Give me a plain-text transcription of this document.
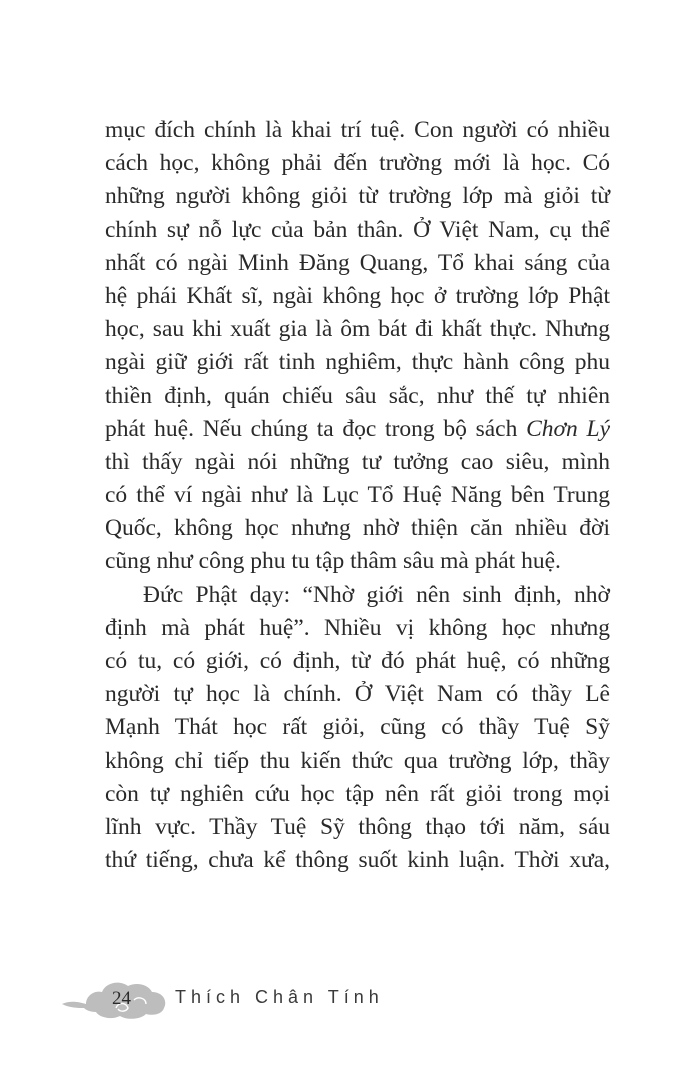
mục đích chính là khai trí tuệ. Con người có nhiều
cách học, không phải đến trường mới là học. Có
những người không giỏi từ trường lớp mà giỏi từ
chính sự nỗ lực của bản thân. Ở Việt Nam, cụ thể
nhất có ngài Minh Đăng Quang, Tổ khai sáng của
hệ phái Khất sĩ, ngài không học ở trường lớp Phật
học, sau khi xuất gia là ôm bát đi khất thực. Nhưng
ngài giữ giới rất tinh nghiêm, thực hành công phu
thiền định, quán chiếu sâu sắc, như thế tự nhiên
phát huệ. Nếu chúng ta đọc trong bộ sách Chơn Lý
thì thấy ngài nói những tư tưởng cao siêu, mình
có thể ví ngài như là Lục Tổ Huệ Năng bên Trung
Quốc, không học nhưng nhờ thiện căn nhiều đời
cũng như công phu tu tập thâm sâu mà phát huệ.
Đức Phật dạy: “Nhờ giới nên sinh định, nhờ
định mà phát huệ”. Nhiều vị không học nhưng
có tu, có giới, có định, từ đó phát huệ, có những
người tự học là chính. Ở Việt Nam có thầy Lê
Mạnh Thát học rất giỏi, cũng có thầy Tuệ Sỹ
không chỉ tiếp thu kiến thức qua trường lớp, thầy
còn tự nghiên cứu học tập nên rất giỏi trong mọi
lĩnh vực. Thầy Tuệ Sỹ thông thạo tới năm, sáu
thứ tiếng, chưa kể thông suốt kinh luận. Thời xưa,
24 Thích Chân Tính
